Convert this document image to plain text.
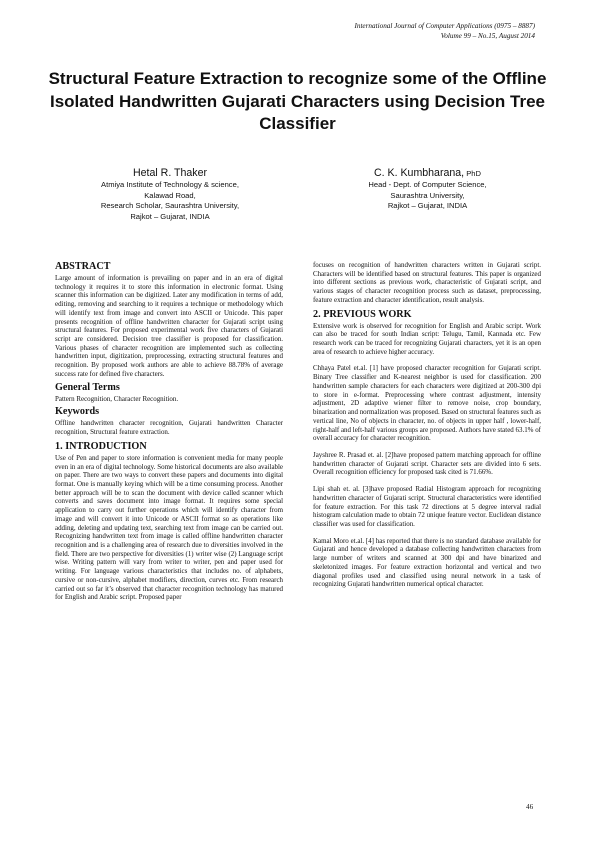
International Journal of Computer Applications (0975 – 8887)
Volume 99 – No.15, August 2014
Structural Feature Extraction to recognize some of the Offline Isolated Handwritten Gujarati Characters using Decision Tree Classifier
Hetal R. Thaker
Atmiya Institute of Technology & science,
Kalawad Road,
Research Scholar, Saurashtra University,
Rajkot – Gujarat, INDIA
C. K. Kumbharana, PhD
Head - Dept. of Computer Science,
Saurashtra University,
Rajkot – Gujarat, INDIA
ABSTRACT

Large amount of information is prevailing on paper and in an era of digital technology it requires it to store this information in electronic format. Using scanner this information can be digitized. Later any modification in terms of add, editing, removing and searching to it requires a technique or methodology which will identify text from image and convert into ASCII or Unicode. This paper presents recognition of offline handwritten character for Gujarati script using structural features. For proposed experimental work five characters of Gujarati script are considered. Decision tree classifier is proposed for classification. Various phases of character recognition are implemented such as collecting handwritten input, digitization, preprocessing, extracting structural features and recognition. By proposed work authors are able to achieve 88.78% of average success rate for defined five characters.

General Terms

Pattern Recognition, Character Recognition.

Keywords

Offline handwritten character recognition, Gujarati handwritten Character recognition, Structural feature extraction.

1. INTRODUCTION

Use of Pen and paper to store information is convenient media for many people even in an era of digital technology. Some historical documents are also available on paper. There are two ways to convert these papers and documents into digital format. One is manually keying which will be a time consuming process. Another better approach will be to scan the document with device called scanner which converts and saves document into image format. It requires some special application to carry out further operations which will identify character from image and will convert it into Unicode or ASCII format so as operations like adding, deleting and updating text, searching text from image can be carried out. Recognizing handwritten text from image is called offline handwritten character recognition and is a challenging area of research due to diversities involved in the field. There are two perspective for diversities (1) writer wise (2) Language script wise. Writing pattern will vary from writer to writer, pen and paper used for writing. For language various characteristics that includes no. of alphabets, cursive or non-cursive, alphabet modifiers, direction, curves etc. From research carried out so far it’s observed that character recognition technology has matured for English and Arabic script. Proposed paper

focuses on recognition of handwritten characters written in Gujarati script. Characters will be identified based on structural features. This paper is organized into different sections as previous work, characteristic of Gujarati script, and various stages of character recognition process such as dataset, preprocessing, feature extraction and character identification, result analysis.

2. PREVIOUS WORK

Extensive work is observed for recognition for English and Arabic script. Work can also be traced for south Indian script: Telugu, Tamil, Kannada etc. Few research work can be traced for recognizing Gujarati characters, yet it is an open area of research to achieve higher accuracy.

Chhaya Patel et.al. [1] have proposed character recognition for Gujarati script. Binary Tree classifier and K-nearest neighbor is used for classification. 200 handwritten sample characters for each characters were digitized at 200-300 dpi to store in e-format. Preprocessing where contrast adjustment, intensity adjustment, 2D adaptive wiener filter to remove noise, crop boundary, binarization and normalization was proposed. Based on structural features such as vertical line, No of objects in character, no. of objects in upper half , lower-half, right-half and left-half various groups are proposed. Authors have stated 63.1% of overall accuracy for character recognition.

Jayshree R. Prasad et. al. [2]have proposed pattern matching approach for offline handwritten character of Gujarati script. Character sets are divided into 6 sets. Overall recognition efficiency for proposed task cited is 71.66%.

Lipi shah et. al. [3]have proposed Radial Histogram approach for recognizing handwritten character of Gujarati script. Structural characteristics were identified for feature extraction. For this task 72 directions at 5 degree interval radial histogram calculation made to obtain 72 unique feature vector. Euclidean distance classifier was used for classification.

Kamal Moro et.al. [4] has reported that there is no standard database available for Gujarati and hence developed a database collecting handwritten characters from large number of writers and scanned at 300 dpi and have binarized and skeletonized images. For feature extraction horizontal and vertical and two diagonal profiles used and classified using neural network in a task of recognizing Gujarati handwritten numerical optical character.

46
